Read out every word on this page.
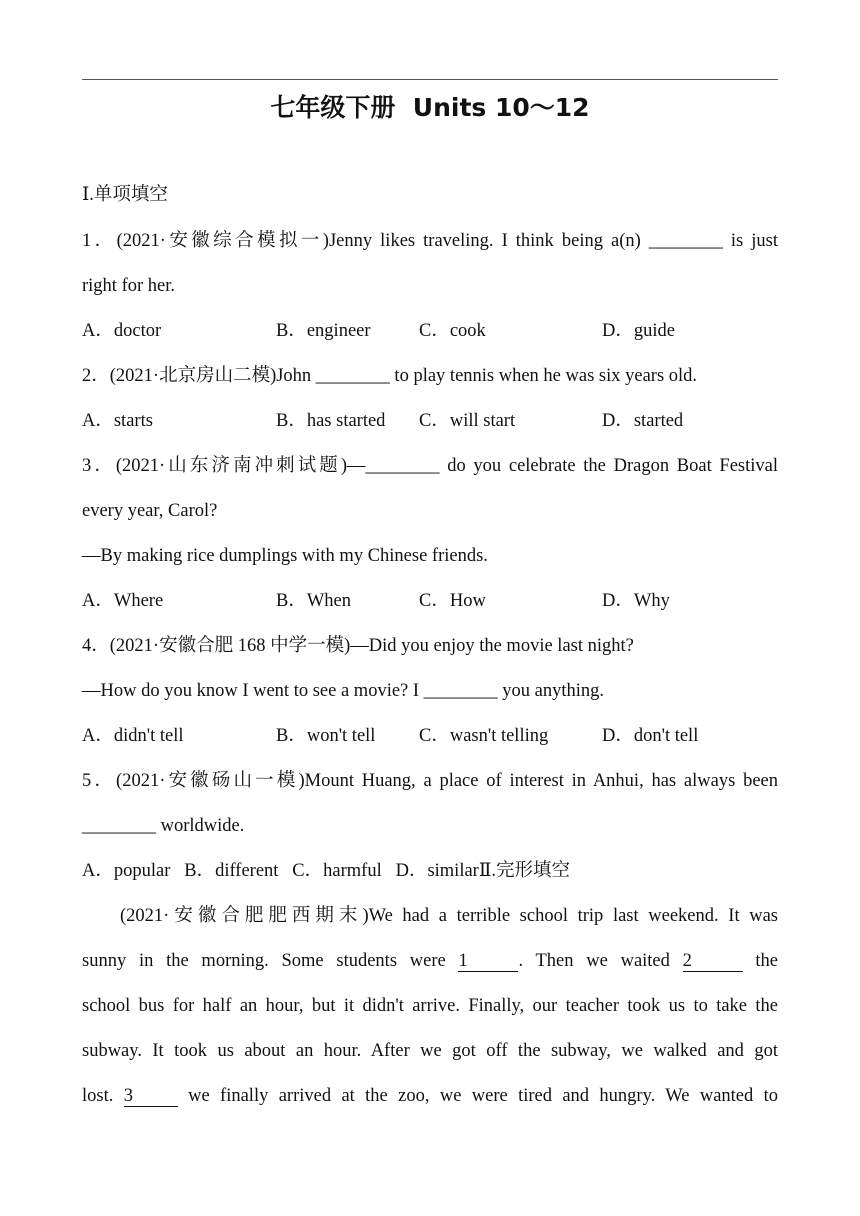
七年级下册  Units 10～12
Ⅰ.单项填空
1．(2021·安徽综合模拟一)Jenny likes traveling. I think being a(n) ________ is just
right for her.
A．doctor	B．engineer	C．cook	D．guide
2．(2021·北京房山二模)John ________ to play tennis when he was six years old.
A．starts	B．has started C．will start	D．started
3．(2021·山东济南冲刺试题)—________ do you celebrate the Dragon Boat Festival
every year, Carol?
—By making rice dumplings with my Chinese friends.
A．Where	B．When	C．How	D．Why
4．(2021·安徽合肥 168 中学一模)—Did you enjoy the movie last night?
—How do you know I went to see a movie? I ________ you anything.
A．didn't tell	B．won't tell C．wasn't telling	D．don't tell
5．(2021·安徽砀山一模)Mount Huang, a place of interest in Anhui, has always been
________ worldwide.
A．popular   B．different   C．harmful   D．similarⅡ.完形填空
(2021·安徽合肥肥西期末)We had a terrible school trip last weekend. It was
sunny in the morning. Some students were 1	. Then we waited 2	the
school bus for half an hour, but it didn't arrive. Finally, our teacher took us to take the
subway. It took us about an hour. After we got off the subway, we walked and got
lost. 3	we finally arrived at the zoo, we were tired and hungry. We wanted to
